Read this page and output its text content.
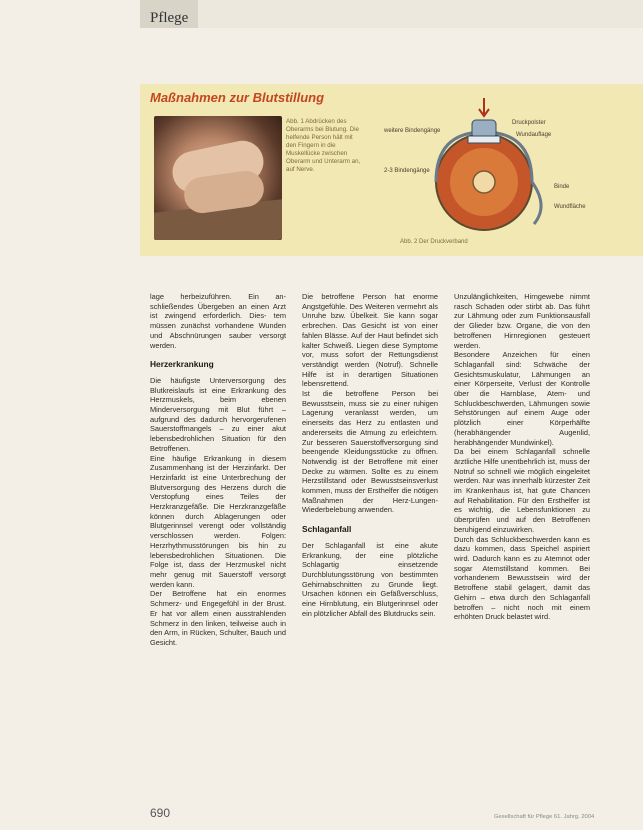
Pflege
Maßnahmen zur Blutstillung
Abb. 1 Abdrücken des Oberarms bei Blutung. Die helfende Person hält mit den Fingern in die Muskellücke zwischen Oberarm und Unterarm an, auf Nerve.
Druckpolster
Wundauflage
weitere Bindengänge
2-3 Bindengänge
Binde
Wundfläche
Abb. 2 Der Druckverband

lage herbeizuführen. Ein an- schließendes Übergeben an einen Arzt ist zwingend erforderlich. Dies- tem müssen zunächst vorhandene Wunden und Abschnürungen sauber versorgt werden.

Herzerkrankung

Die häufigste Unterversorgung des Blutkreislaufs ist eine Erkrankung des Herzmuskels, beim ebenen Minderversorgung mit Blut führt – aufgrund des dadurch hervorgerufenen Sauerstoffmangels – zu einer akut lebensbedrohlichen Situation für den Betroffenen.

Eine häufige Erkrankung in diesem Zusammenhang ist der Herzinfarkt. Der Herzinfarkt ist eine Unterbrechung der Blutversorgung des Herzens durch die Verstopfung eines Teiles der Herzkranzgefäße. Die Herzkranzgefäße können durch Ablagerungen oder Blutgerinnsel verengt oder vollständig verschlossen werden. Folgen: Herzrhythmusstörungen bis hin zu lebensbedrohlichen Situationen. Die Folge ist, dass der Herzmuskel nicht mehr genug mit Sauerstoff versorgt werden kann.

Der Betroffene hat ein enormes Schmerz- und Engegefühl in der Brust. Er hat vor allem einen ausstrahlenden Schmerz in den linken, teilweise auch in den Arm, in Rücken, Schulter, Bauch und Gesicht.

Die betroffene Person hat enorme Angstgefühle. Des Weiteren vermehrt als Unruhe bzw. Übelkeit. Sie kann sogar erbrechen. Das Gesicht ist von einer fahlen Blässe. Auf der Haut befindet sich kalter Schweiß. Liegen diese Symptome vor, muss sofort der Rettungsdienst verständigt werden (Notruf). Schnelle Hilfe ist in derartigen Situationen lebensrettend.

Ist die betroffene Person bei Bewusstsein, muss sie zu einer ruhigen Lagerung veranlasst werden, um einerseits das Herz zu entlasten und andererseits die Atmung zu erleichtern. Zur besseren Sauerstoffversorgung sind beengende Kleidungsstücke zu öffnen. Notwendig ist der Betroffene mit einer Decke zu wärmen. Sollte es zu einem Herzstillstand oder Bewusstseinsverlust kommen, muss der Ersthelfer die nötigen Maßnahmen der Herz-Lungen-Wiederbelebung anwenden.

Schlaganfall

Der Schlaganfall ist eine akute Erkrankung, der eine plötzliche Schlagartig einsetzende Durchblutungsstörung von bestimmten Gehirnabschnitten zu Grunde liegt. Ursachen können ein Gefäßverschluss, eine Hirnblutung, ein Blutgerinnsel oder ein plötzlicher Abfall des Blutdrucks sein.

Unzulänglichkeiten, Hirngewebe nimmt rasch Schaden oder stirbt ab. Das führt zur Lähmung oder zum Funktionsausfall der Glieder bzw. Organe, die von den betroffenen Hirnregionen gesteuert werden.

Besondere Anzeichen für einen Schlaganfall sind: Schwäche der Gesichtsmuskulatur, Lähmungen an einer Körperseite, Verlust der Kontrolle über die Harnblase, Atem- und Schluckbeschwerden, Lähmungen sowie Sehstörungen auf einem Auge oder plötzlich einer Körperhälfte (herabhängender Augenlid, herabhängender Mundwinkel).

Da bei einem Schlaganfall schnelle ärztliche Hilfe unentbehrlich ist, muss der Notruf so schnell wie möglich eingeleitet werden. Nur was innerhalb kürzester Zeit im Krankenhaus ist, hat gute Chancen auf Rehabilitation. Für den Ersthelfer ist es wichtig, die Lebensfunktionen zu überprüfen und auf den Betroffenen beruhigend einzuwirken.

Durch das Schluckbeschwerden kann es dazu kommen, dass Speichel aspiriert wird. Dadurch kann es zu Atemnot oder sogar Atemstillstand kommen. Bei vorhandenem Bewusstsein wird der Betroffene stabil gelagert, damit das Gehirn – etwa durch den Schlaganfall betroffen – nicht noch mit einem erhöhten Druck belastet wird.

690	Gesellschaft für Pflege 61. Jahrg. 2004
